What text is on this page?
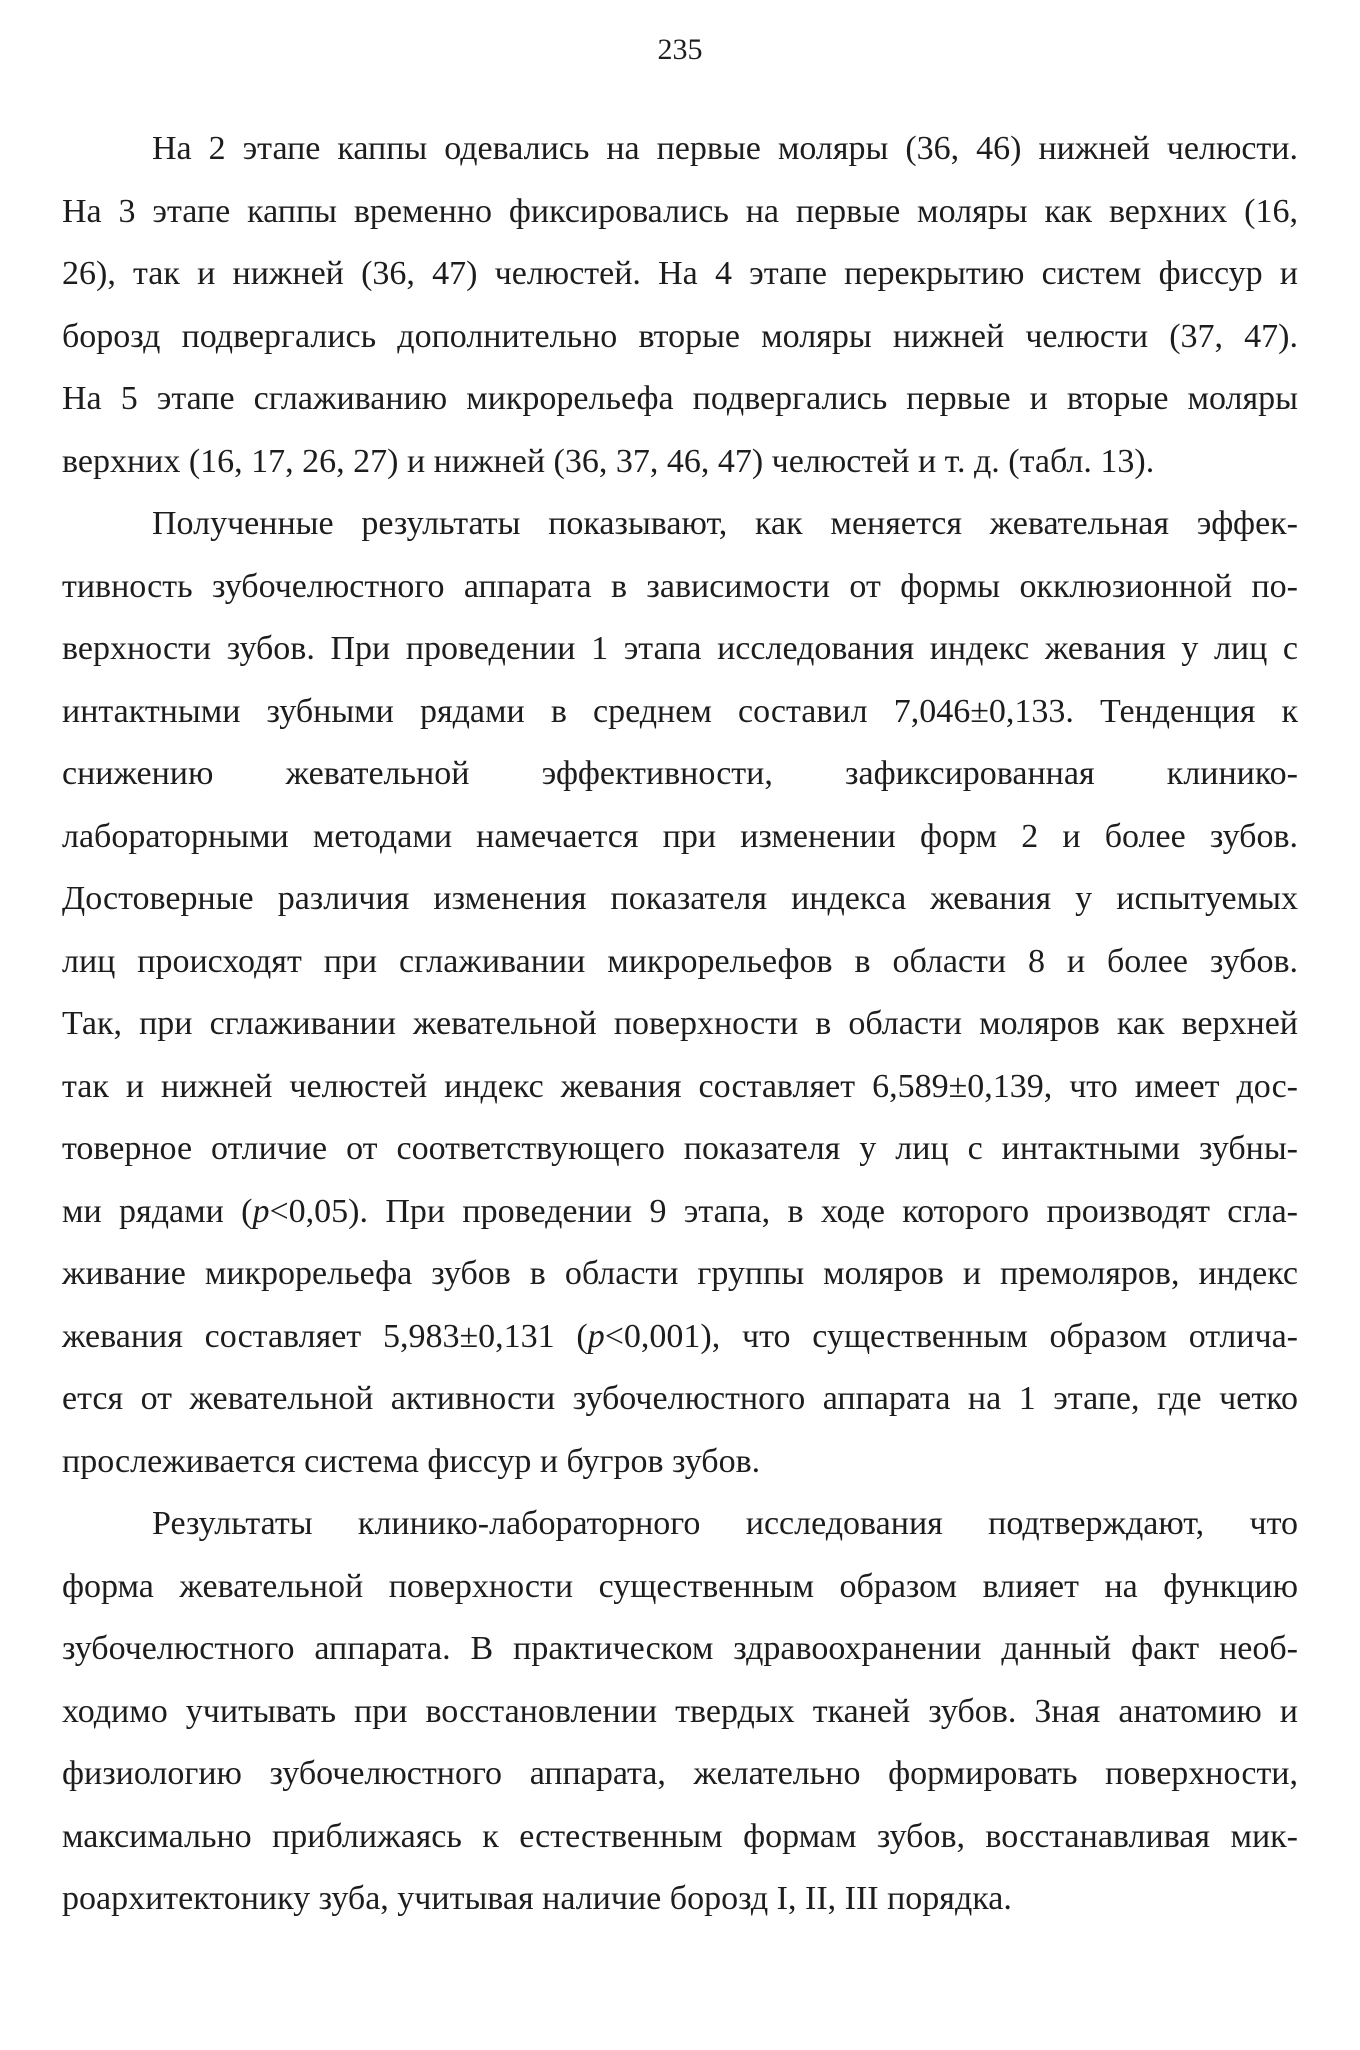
235

На 2 этапе каппы одевались на первые моляры (36, 46) нижней челюсти.
На 3 этапе каппы временно фиксировались на первые моляры как верхних (16,
26), так и нижней (36, 47) челюстей. На 4 этапе перекрытию систем фиссур и
борозд подвергались дополнительно вторые моляры нижней челюсти (37, 47).
На 5 этапе сглаживанию микрорельефа подвергались первые и вторые моляры
верхних (16, 17, 26, 27) и нижней (36, 37, 46, 47) челюстей и т. д. (табл. 13).

Полученные результаты показывают, как меняется жевательная эффек-
тивность зубочелюстного аппарата в зависимости от формы окклюзионной по-
верхности зубов. При проведении 1 этапа исследования индекс жевания у лиц с
интактными зубными рядами в среднем составил 7,046±0,133. Тенденция к
снижению жевательной эффективности, зафиксированная клинико-
лабораторными методами намечается при изменении форм 2 и более зубов.
Достоверные различия изменения показателя индекса жевания у испытуемых
лиц происходят при сглаживании микрорельефов в области 8 и более зубов.
Так, при сглаживании жевательной поверхности в области моляров как верхней
так и нижней челюстей индекс жевания составляет 6,589±0,139, что имеет дос-
товерное отличие от соответствующего показателя у лиц с интактными зубны-
ми рядами (p<0,05). При проведении 9 этапа, в ходе которого производят сгла-
живание микрорельефа зубов в области группы моляров и премоляров, индекс
жевания составляет 5,983±0,131 (p<0,001), что существенным образом отлича-
ется от жевательной активности зубочелюстного аппарата на 1 этапе, где четко
прослеживается система фиссур и бугров зубов.

Результаты клинико-лабораторного исследования подтверждают, что
форма жевательной поверхности существенным образом влияет на функцию
зубочелюстного аппарата. В практическом здравоохранении данный факт необ-
ходимо учитывать при восстановлении твердых тканей зубов. Зная анатомию и
физиологию зубочелюстного аппарата, желательно формировать поверхности,
максимально приближаясь к естественным формам зубов, восстанавливая мик-
роархитектонику зуба, учитывая наличие борозд I, II, III порядка.
